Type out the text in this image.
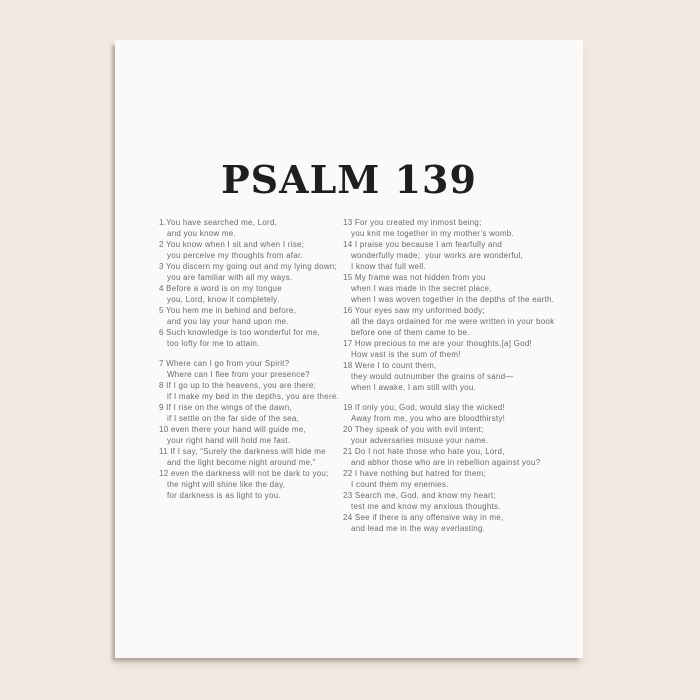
PSALM 139
1.You have searched me, Lord,
and you know me.
2 You know when I sit and when I rise;
you perceive my thoughts from afar.
3 You discern my going out and my lying down;
you are familiar with all my ways.
4 Before a word is on my tongue
you, Lord, know it completely.
5 You hem me in behind and before,
and you lay your hand upon me.
6 Such knowledge is too wonderful for me,
too lofty for me to attain.
7 Where can I go from your Spirit?
Where can I flee from your presence?
8 If I go up to the heavens, you are there;
if I make my bed in the depths, you are there.
9 If I rise on the wings of the dawn,
if I settle on the far side of the sea,
10 even there your hand will guide me,
your right hand will hold me fast.
11 If I say, “Surely the darkness will hide me
and the light become night around me,”
12 even the darkness will not be dark to you;
the night will shine like the day,
for darkness is as light to you.
13 For you created my inmost being;
you knit me together in my mother’s womb.
14 I praise you because I am fearfully and
wonderfully made;  your works are wonderful,
I know that full well.
15 My frame was not hidden from you
when I was made in the secret place,
when I was woven together in the depths of the earth.
16 Your eyes saw my unformed body;
all the days ordained for me were written in your book
before one of them came to be.
17 How precious to me are your thoughts,[a] God!
How vast is the sum of them!
18 Were I to count them,
they would outnumber the grains of sand—
when I awake, I am still with you.
19 If only you, God, would slay the wicked!
Away from me, you who are bloodthirsty!
20 They speak of you with evil intent;
your adversaries misuse your name.
21 Do I not hate those who hate you, Lord,
and abhor those who are in rebellion against you?
22 I have nothing but hatred for them;
I count them my enemies.
23 Search me, God, and know my heart;
test me and know my anxious thoughts.
24 See if there is any offensive way in me,
and lead me in the way everlasting.
